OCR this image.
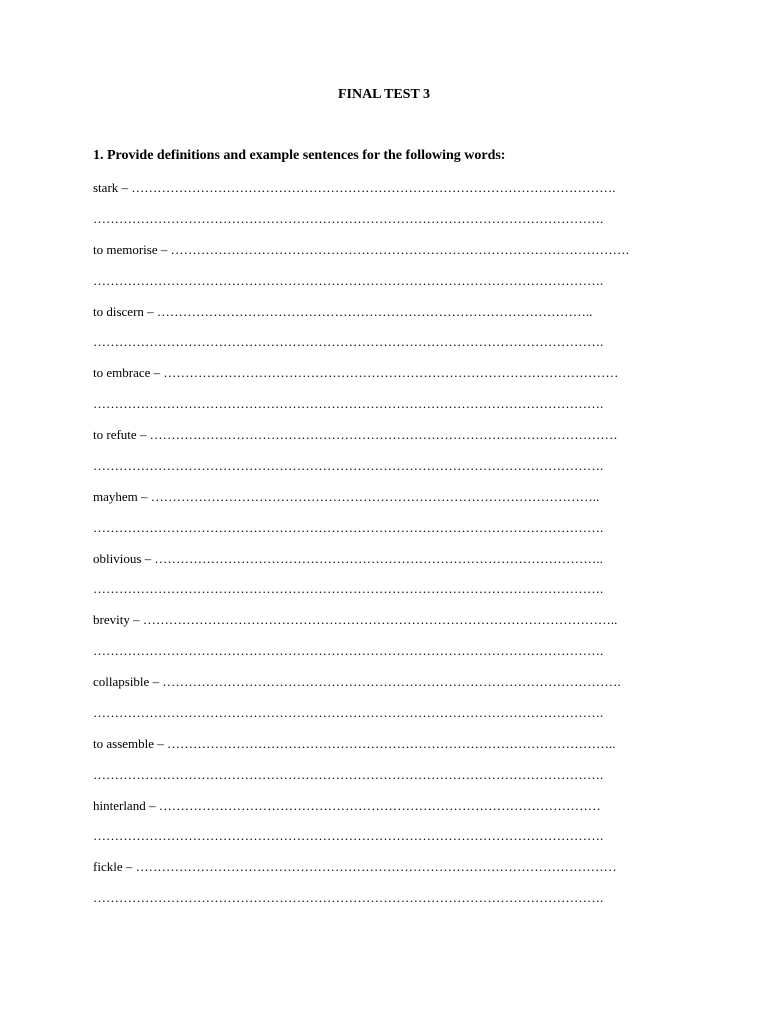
FINAL TEST 3
1. Provide definitions and example sentences for the following words:
stark – ………………………………………………………………………………………………….
……………………………………………………………………………………………………….
to memorise – …………………………………………………………………………………………….
……………………………………………………………………………………………………….
to discern – ………………………………………………………………………………………..
……………………………………………………………………………………………………….
to embrace – ……………………………………………………………………………………………
……………………………………………………………………………………………………….
to refute – ………………………………………………………………………………………………
……………………………………………………………………………………………………….
mayhem – …………………………………………………………………………………………..
……………………………………………………………………………………………………….
oblivious – …………………………………………………………………………………………..
……………………………………………………………………………………………………….
brevity – ………………………………………………………………………………………………..
……………………………………………………………………………………………………….
collapsible – …………………………………………………………………………………………….
……………………………………………………………………………………………………….
to assemble – …………………………………………………………………………………………..
……………………………………………………………………………………………………….
hinterland – …………………………………………………………………………………………
……………………………………………………………………………………………………….
fickle – …………………………………………………………………………………………………
……………………………………………………………………………………………………….
